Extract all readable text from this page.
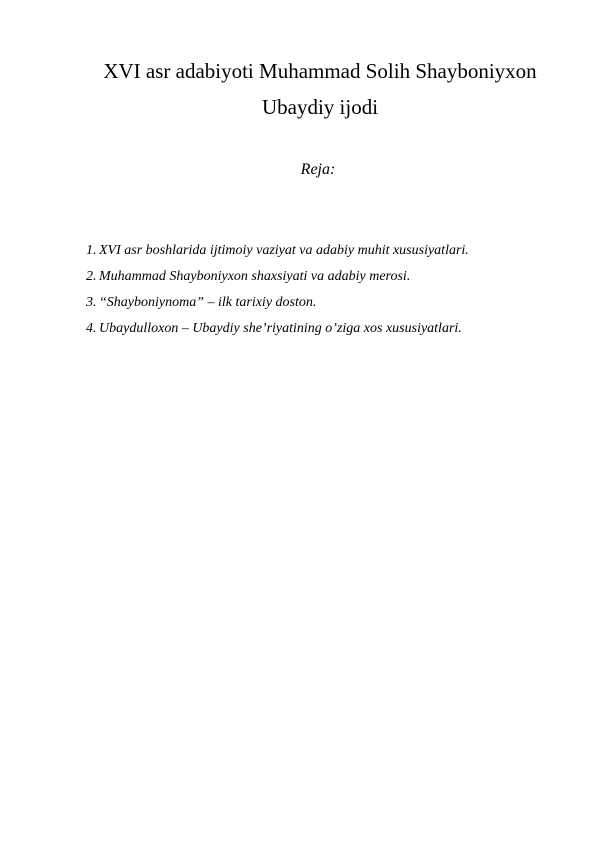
XVI asr adabiyoti Muhammad Solih Shayboniyxon
Ubaydiy ijodi
Reja:
1.XVI asr boshlarida ijtimoiy vaziyat va adabiy muhit xususiyatlari.
2. Muhammad Shayboniyxon shaxsiyati va adabiy merosi.
3. “Shayboniynoma” – ilk tarixiy doston.
4. Ubaydulloxon – Ubaydiy she’riyatining o’ziga xos xususiyatlari.
